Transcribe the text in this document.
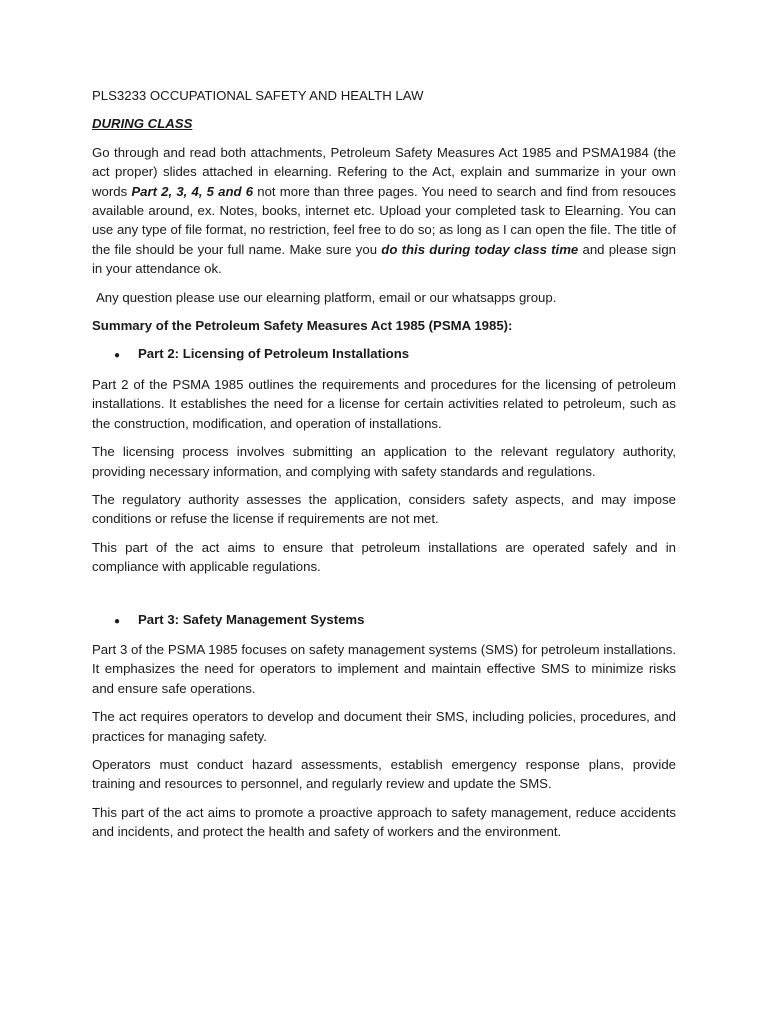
PLS3233 OCCUPATIONAL SAFETY AND HEALTH LAW

DURING CLASS

Go through and read both attachments, Petroleum Safety Measures Act 1985 and PSMA1984 (the act proper) slides attached in elearning. Refering to the Act, explain and summarize in your own words Part 2, 3, 4, 5 and 6 not more than three pages. You need to search and find from resouces available around, ex. Notes, books, internet etc. Upload your completed task to Elearning. You can use any type of file format, no restriction, feel free to do so; as long as I can open the file. The title of the file should be your full name. Make sure you do this during today class time and please sign in your attendance ok.

Any question please use our elearning platform, email or our whatsapps group.

Summary of the Petroleum Safety Measures Act 1985 (PSMA 1985):

●	Part 2: Licensing of Petroleum Installations

Part 2 of the PSMA 1985 outlines the requirements and procedures for the licensing of petroleum installations. It establishes the need for a license for certain activities related to petroleum, such as the construction, modification, and operation of installations.

The licensing process involves submitting an application to the relevant regulatory authority, providing necessary information, and complying with safety standards and regulations.

The regulatory authority assesses the application, considers safety aspects, and may impose conditions or refuse the license if requirements are not met.

This part of the act aims to ensure that petroleum installations are operated safely and in compliance with applicable regulations.

●	Part 3: Safety Management Systems

Part 3 of the PSMA 1985 focuses on safety management systems (SMS) for petroleum installations. It emphasizes the need for operators to implement and maintain effective SMS to minimize risks and ensure safe operations.

The act requires operators to develop and document their SMS, including policies, procedures, and practices for managing safety.

Operators must conduct hazard assessments, establish emergency response plans, provide training and resources to personnel, and regularly review and update the SMS.

This part of the act aims to promote a proactive approach to safety management, reduce accidents and incidents, and protect the health and safety of workers and the environment.
